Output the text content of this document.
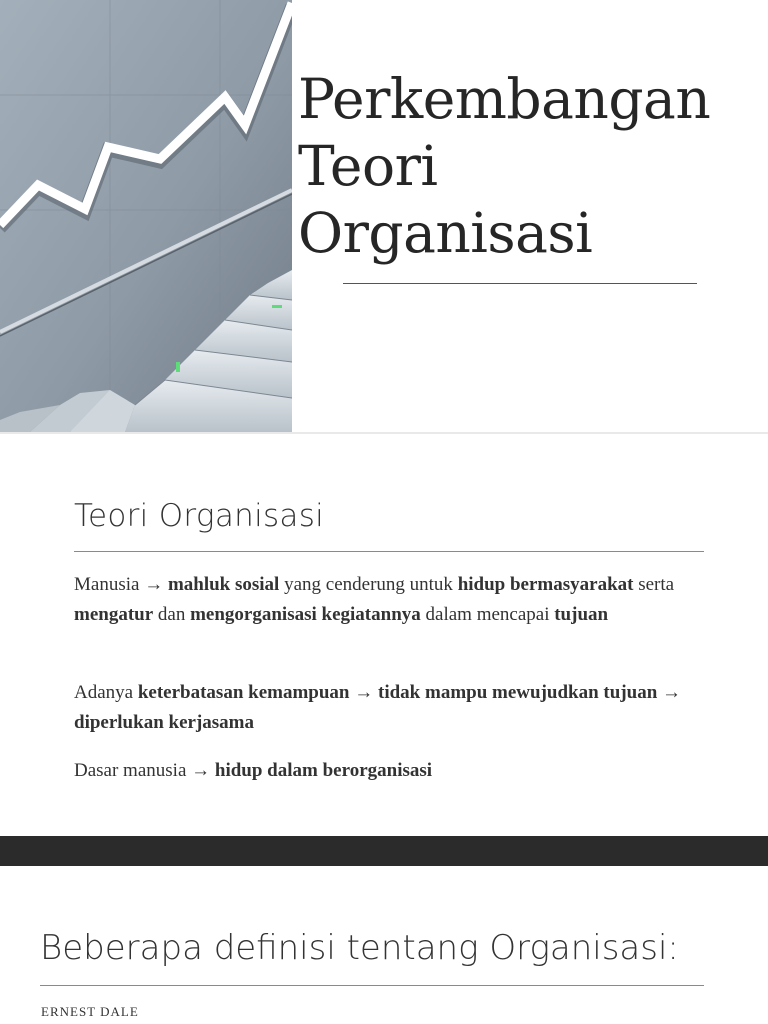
Perkembangan
Teori
Organisasi
Teori Organisasi
Manusia → mahluk sosial yang cenderung untuk hidup bermasyarakat serta mengatur dan mengorganisasi kegiatannya dalam mencapai tujuan
Adanya keterbatasan kemampuan → tidak mampu mewujudkan tujuan → diperlukan kerjasama
Dasar manusia → hidup dalam berorganisasi
Beberapa definisi tentang Organisasi:
ERNEST DALE
